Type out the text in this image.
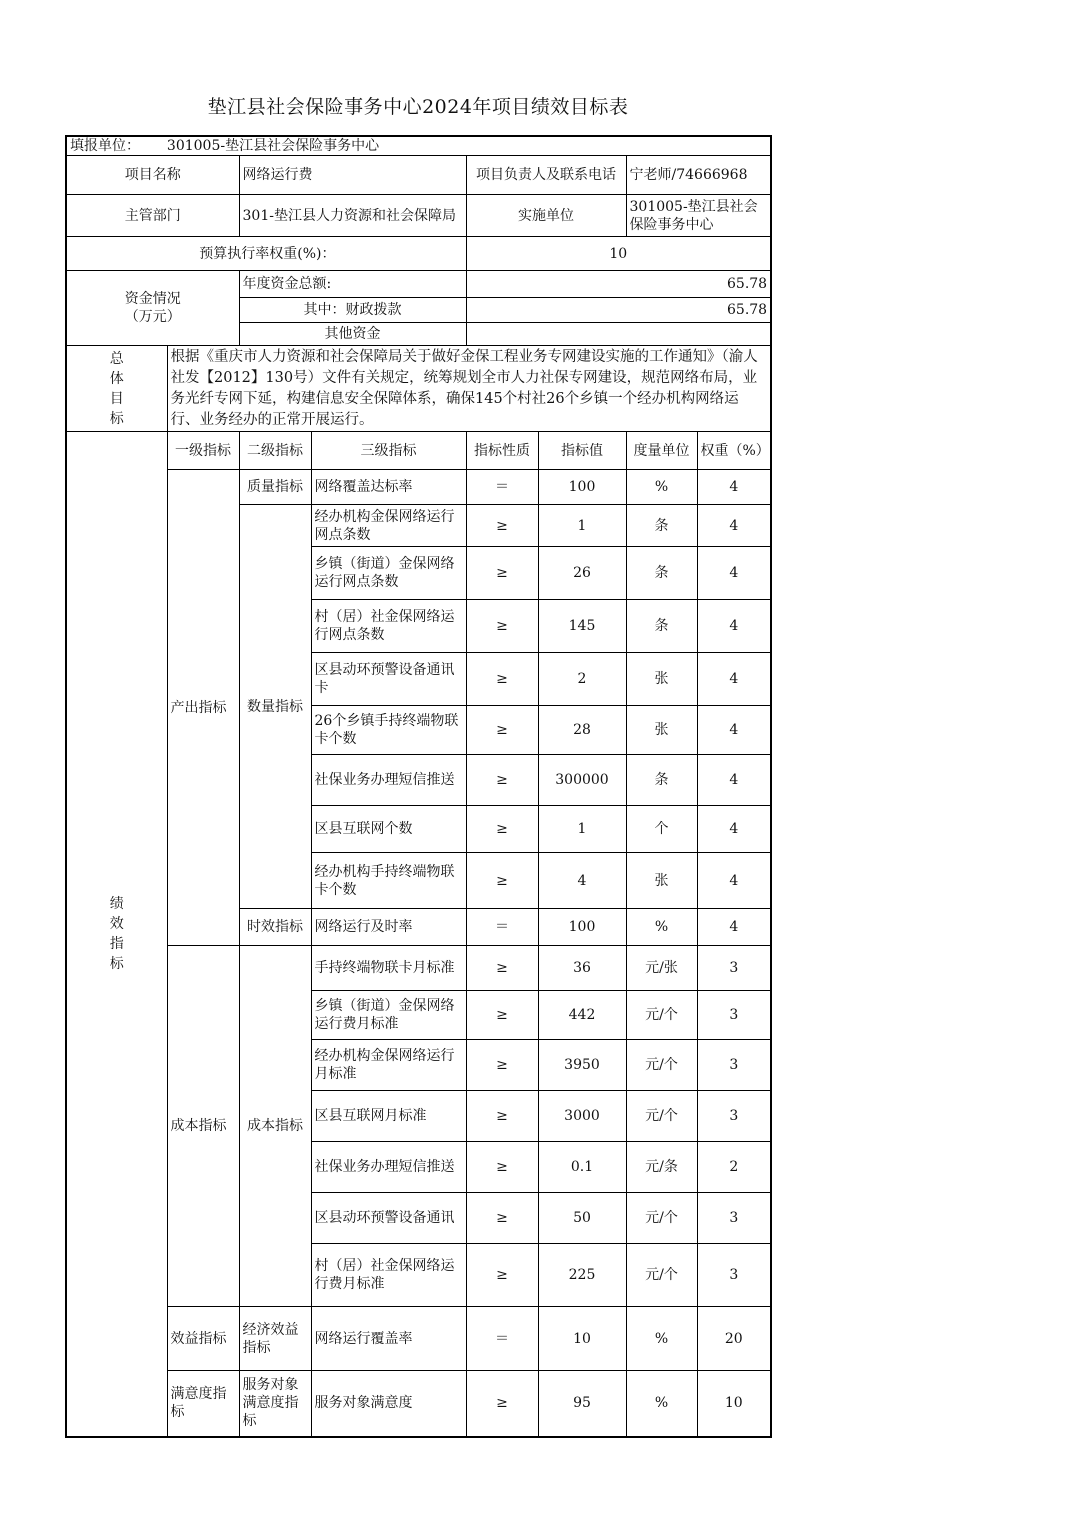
垫江县社会保险事务中心2024年项目绩效目标表
填报单位： 301005-垫江县社会保险事务中心							
项目名称		网络运行费		项目负责人及联系电话		宁老师/74666968	
主管部门		301-垫江县人力资源和社会保障局		实施单位		301005-垫江县社会保险事务中心	
预算执行率权重(%)：				10			

资金情况
（万元）		年度资金总额:		65.78			
		其中：财政拨款		65.78			
		其他资金					

总
体
目
标	根据《重庆市人力资源和社会保障局关于做好金保工程业务专网建设实施的工作通知》（渝人社发【2012】130号）文件有关规定，统筹规划全市人力社保专网建设，规范网络布局，业务光纤专网下延，构建信息安全保障体系，确保145个村社26个乡镇一个经办机构网络运行、业务经办的正常开展运行。						

绩
效
指
标	一级指标	二级指标	三级指标	指标性质	指标值	度量单位	权重（%）
	产出指标	质量指标	网络覆盖达标率	＝	100	%	4
		数量指标	经办机构金保网络运行网点条数	≥	1	条	4
			乡镇（街道）金保网络运行网点条数	≥	26	条	4
			村（居）社金保网络运行网点条数	≥	145	条	4
			区县动环预警设备通讯卡	≥	2	张	4
			26个乡镇手持终端物联卡个数	≥	28	张	4
			社保业务办理短信推送	≥	300000	条	4
			区县互联网个数	≥	1	个	4
			经办机构手持终端物联卡个数	≥	4	张	4
		时效指标	网络运行及时率	＝	100	%	4
	成本指标	成本指标	手持终端物联卡月标准	≥	36	元/张	3
			乡镇（街道）金保网络运行费月标准	≥	442	元/个	3
			经办机构金保网络运行月标准	≥	3950	元/个	3
			区县互联网月标准	≥	3000	元/个	3
			社保业务办理短信推送	≥	0.1	元/条	2
			区县动环预警设备通讯	≥	50	元/个	3
			村（居）社金保网络运行费月标准	≥	225	元/个	3
	效益指标	经济效益指标	网络运行覆盖率	＝	10	%	20
	满意度指标	服务对象满意度指标	服务对象满意度	≥	95	%	10
